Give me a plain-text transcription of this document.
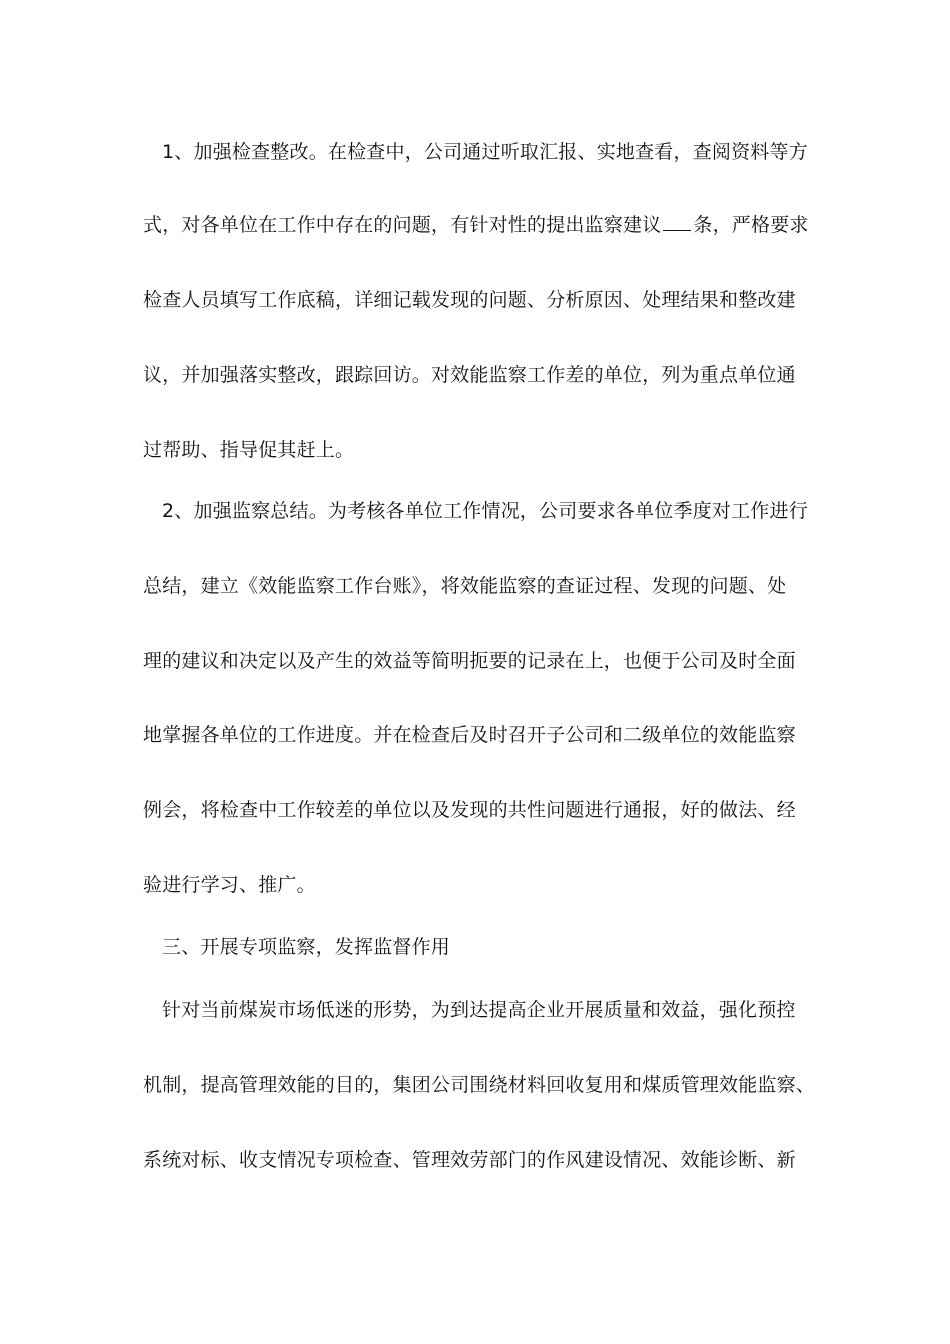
1、加强检查整改。在检查中，公司通过听取汇报、实地查看，查阅资料等方
式，对各单位在工作中存在的问题，有针对性的提出监察建议 条，严格要求
检查人员填写工作底稿，详细记载发现的问题、分析原因、处理结果和整改建
议，并加强落实整改，跟踪回访。对效能监察工作差的单位，列为重点单位通
过帮助、指导促其赶上。
2、加强监察总结。为考核各单位工作情况，公司要求各单位季度对工作进行
总结，建立《效能监察工作台账》，将效能监察的查证过程、发现的问题、处
理的建议和决定以及产生的效益等简明扼要的记录在上，也便于公司及时全面
地掌握各单位的工作进度。并在检查后及时召开子公司和二级单位的效能监察
例会，将检查中工作较差的单位以及发现的共性问题进行通报，好的做法、经
验进行学习、推广。
三、开展专项监察，发挥监督作用
针对当前煤炭市场低迷的形势，为到达提高企业开展质量和效益，强化预控
机制，提高管理效能的目的，集团公司围绕材料回收复用和煤质管理效能监察、
系统对标、收支情况专项检查、管理效劳部门的作风建设情况、效能诊断、新
